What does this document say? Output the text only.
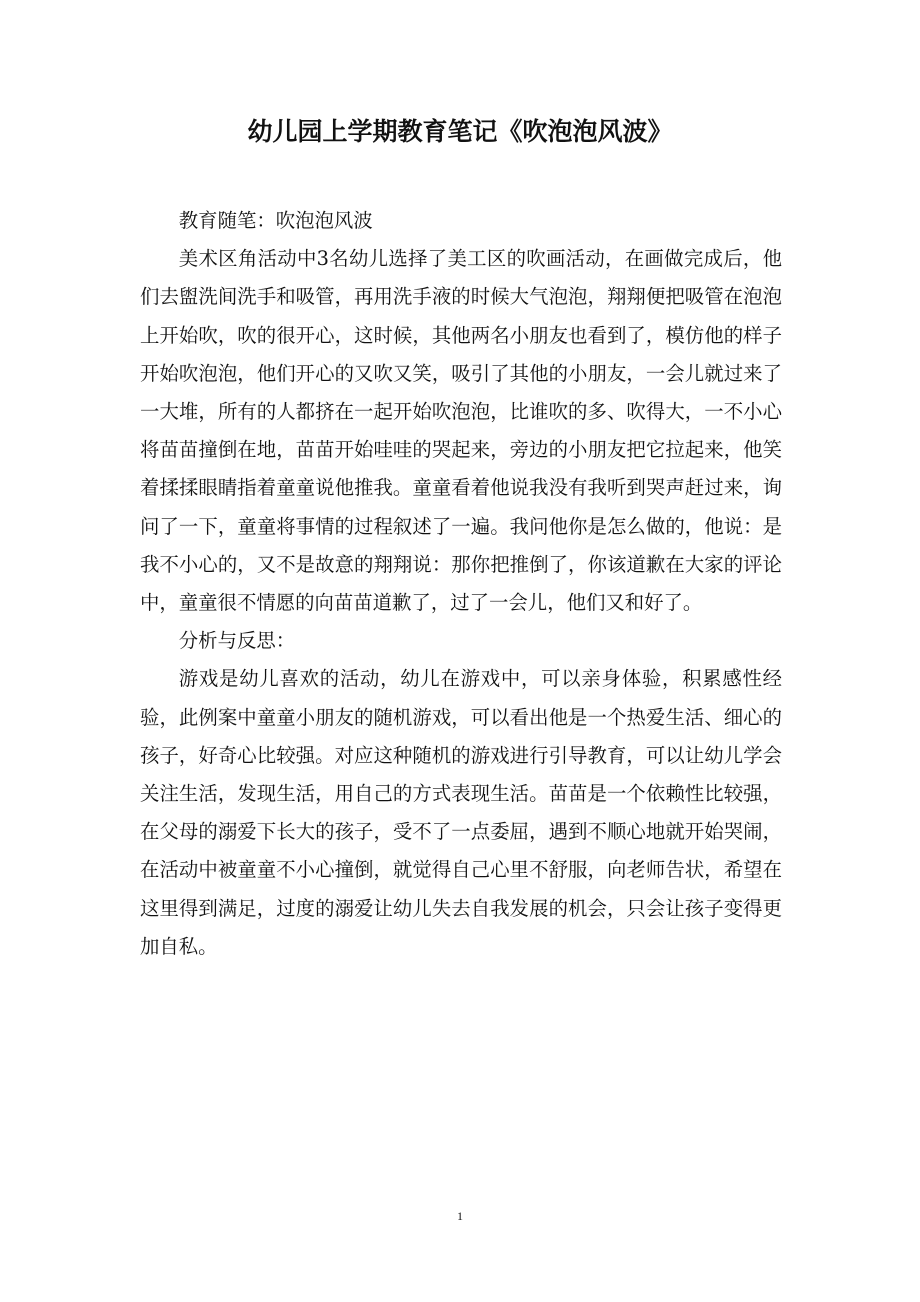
幼儿园上学期教育笔记《吹泡泡风波》

教育随笔：吹泡泡风波

美术区角活动中3名幼儿选择了美工区的吹画活动，在画做完成后，他们去盥洗间洗手和吸管，再用洗手液的时候大气泡泡，翔翔便把吸管在泡泡上开始吹，吹的很开心，这时候，其他两名小朋友也看到了，模仿他的样子开始吹泡泡，他们开心的又吹又笑，吸引了其他的小朋友，一会儿就过来了一大堆，所有的人都挤在一起开始吹泡泡，比谁吹的多、吹得大，一不小心将苗苗撞倒在地，苗苗开始哇哇的哭起来，旁边的小朋友把它拉起来，他笑着揉揉眼睛指着童童说他推我。童童看着他说我没有我听到哭声赶过来，询问了一下，童童将事情的过程叙述了一遍。我问他你是怎么做的，他说：是我不小心的，又不是故意的翔翔说：那你把推倒了，你该道歉在大家的评论中，童童很不情愿的向苗苗道歉了，过了一会儿，他们又和好了。

分析与反思：

游戏是幼儿喜欢的活动，幼儿在游戏中，可以亲身体验，积累感性经验，此例案中童童小朋友的随机游戏，可以看出他是一个热爱生活、细心的孩子，好奇心比较强。对应这种随机的游戏进行引导教育，可以让幼儿学会关注生活，发现生活，用自己的方式表现生活。苗苗是一个依赖性比较强，在父母的溺爱下长大的孩子，受不了一点委屈，遇到不顺心地就开始哭闹，在活动中被童童不小心撞倒，就觉得自己心里不舒服，向老师告状，希望在这里得到满足，过度的溺爱让幼儿失去自我发展的机会，只会让孩子变得更加自私。

1
